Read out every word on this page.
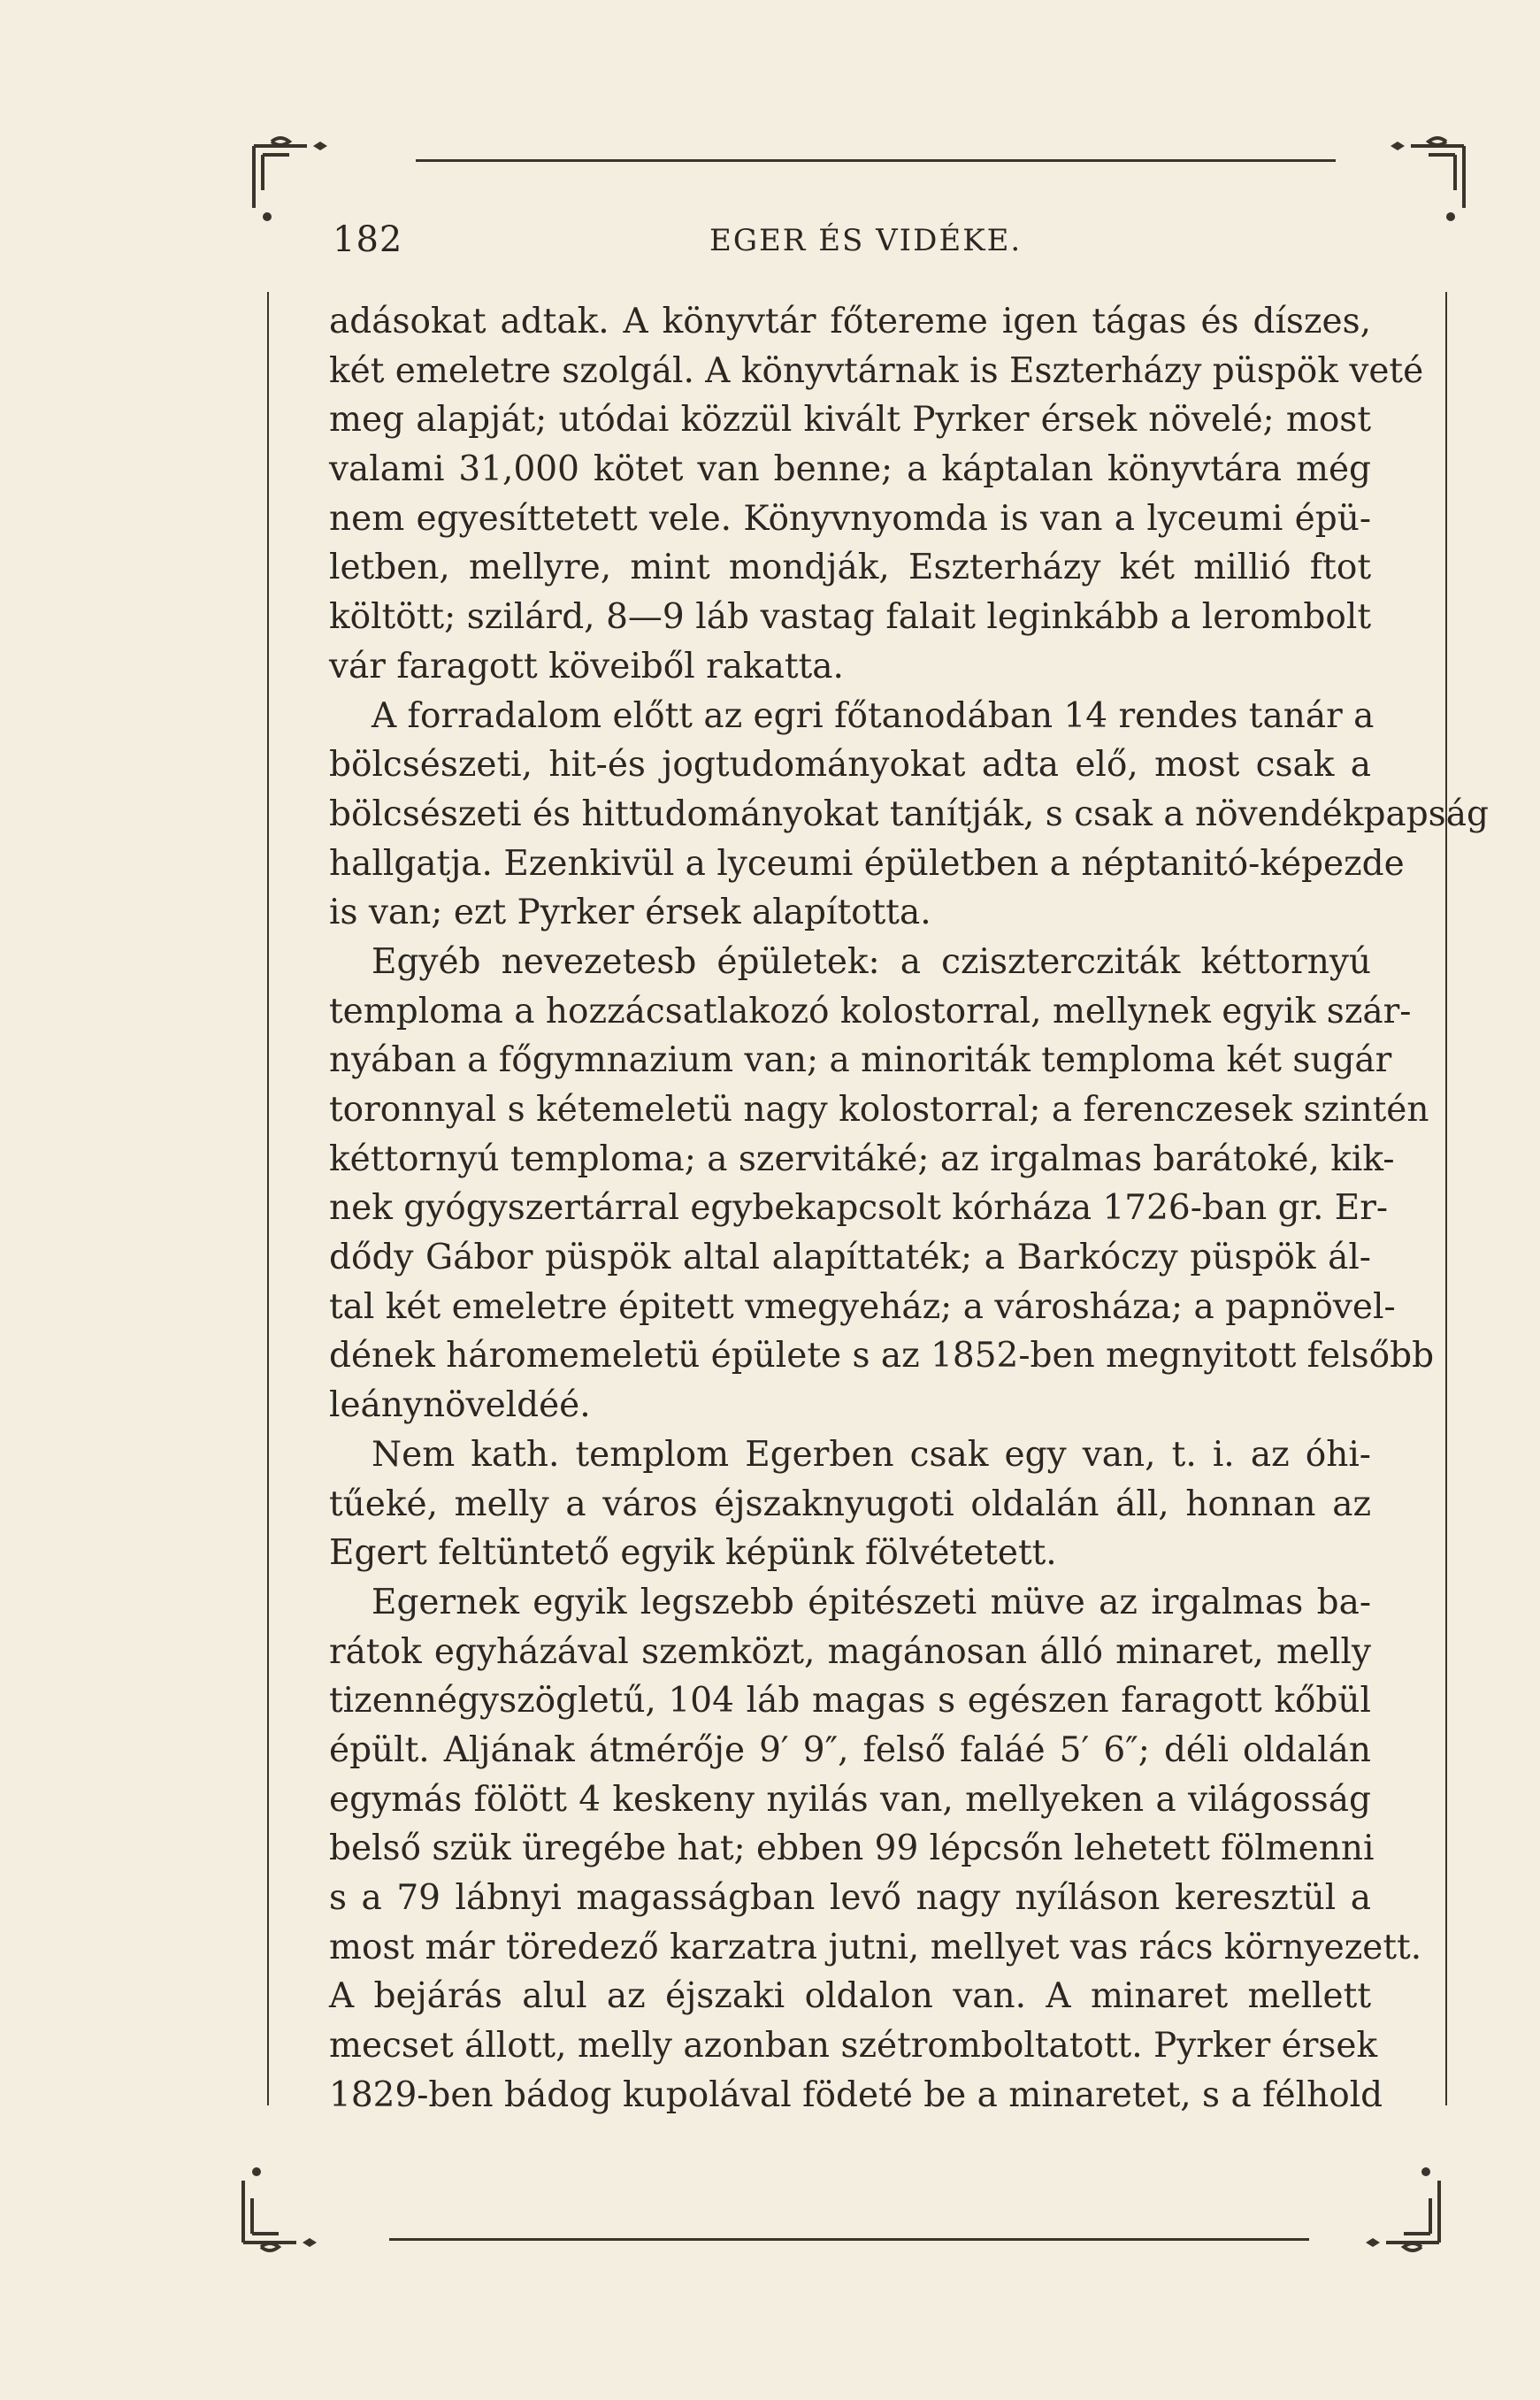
182	EGER ÉS VIDÉKE.
adásokat adtak. A könyvtár főtereme igen tágas és díszes,
két emeletre szolgál. A könyvtárnak is Eszterházy püspök veté
meg alapját; utódai közzül kivált Pyrker érsek növelé; most
valami 31,000 kötet van benne; a káptalan könyvtára még
nem egyesíttetett vele. Könyvnyomda is van a lyceumi épü-
letben, mellyre, mint mondják, Eszterházy két millió ftot
költött; szilárd, 8—9 láb vastag falait leginkább a lerombolt
vár faragott köveiből rakatta.
A forradalom előtt az egri főtanodában 14 rendes tanár a
bölcsészeti, hit-és jogtudományokat adta elő, most csak a
bölcsészeti és hittudományokat tanítják, s csak a növendékpapság
hallgatja. Ezenkivül a lyceumi épületben a néptanitó-képezde
is van; ezt Pyrker érsek alapította.
Egyéb nevezetesb épületek: a cziszterczіták kéttornyú
temploma a hozzácsatlakozó kolostorral, mellynek egyik szár-
nyában a főgymnazium van; a minoriták temploma két sugár
toronnyal s kétemeletü nagy kolostorral; a ferenczesek szintén
kéttornyú temploma; a szervitáké; az irgalmas barátoké, kik-
nek gyógyszertárral egybekapcsolt kórháza 1726-ban gr. Er-
dődy Gábor püspök altal alapíttaték; a Barkóczy püspök ál-
tal két emeletre épitett vmegyeház; a városháza; a papnövel-
dének háromemeletü épülete s az 1852-ben megnyitott felsőbb
leánynöveldéé.
Nem kath. templom Egerben csak egy van, t. i. az óhi-
tűeké, melly a város éjszaknyugoti oldalán áll, honnan az
Egert feltüntető egyik képünk fölvétetett.
Egernek egyik legszebb épitészeti müve az irgalmas ba-
rátok egyházával szemközt, magánosan álló minaret, melly
tizennégyszögletű, 104 láb magas s egészen faragott kőbül
épült. Aljának átmérője 9′ 9″, felső faláé 5′ 6″; déli oldalán
egymás fölött 4 keskeny nyilás van, mellyeken a világosság
belső szük üregébe hat; ebben 99 lépcsőn lehetett fölmenni
s a 79 lábnyi magasságban levő nagy nyíláson keresztül a
most már töredező karzatra jutni, mellyet vas rács környezett.
A bejárás alul az éjszaki oldalon van. A minaret mellett
mecset állott, melly azonban szétromboltatott. Pyrker érsek
1829-ben bádog kupolával födeté be a minaretet, s a félhold
